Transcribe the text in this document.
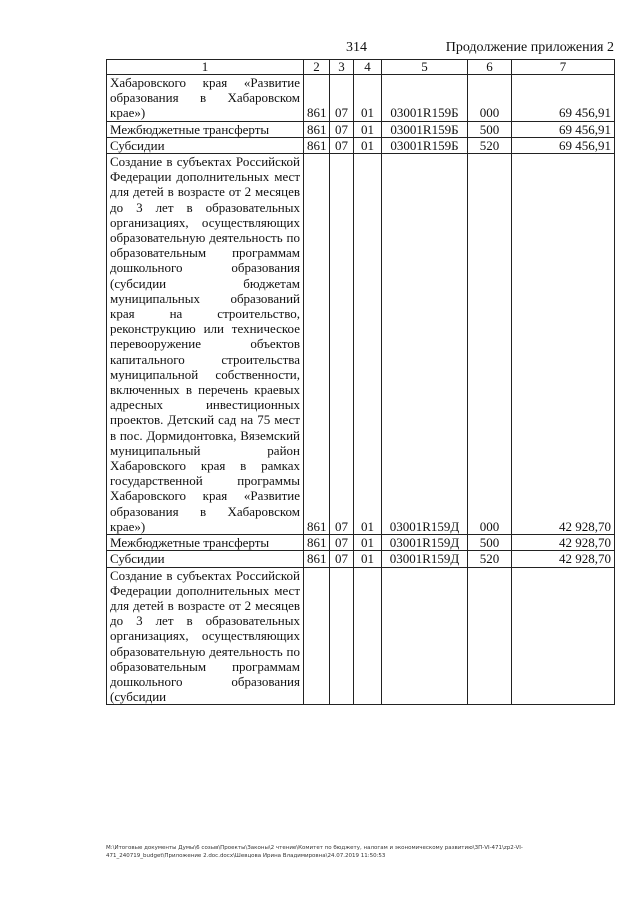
314	Продолжение приложения 2
1	2	3	4	5	6	7
Хабаровского края «Развитие образования в Хабаровском крае»)	861	07	01	03001R159Б	000	69 456,91
Межбюджетные трансферты	861	07	01	03001R159Б	500	69 456,91
Субсидии	861	07	01	03001R159Б	520	69 456,91
Создание в субъектах Российской Федерации дополнительных мест для детей в возрасте от 2 месяцев до 3 лет в образовательных организациях, осуществляющих образовательную деятельность по образовательным программам дошкольного образования (субсидии бюджетам муниципальных образований края на строительство, реконструкцию или техническое перевооружение объектов капитального строительства муниципальной собственности, включенных в перечень краевых адресных инвестиционных проектов. Детский сад на 75 мест в пос. Дормидонтовка, Вяземский муниципальный район Хабаровского края в рамках государственной программы Хабаровского края «Развитие образования в Хабаровском крае»)	861	07	01	03001R159Д	000	42 928,70
Межбюджетные трансферты	861	07	01	03001R159Д	500	42 928,70
Субсидии	861	07	01	03001R159Д	520	42 928,70
Создание в субъектах Российской Федерации дополнительных мест для детей в возрасте от 2 месяцев до 3 лет в образовательных организациях, осуществляющих образовательную деятельность по образовательным программам дошкольного образования (субсидии						
M:\Итоговые документы Думы\6 созыв\Проекты\Законы\2 чтение\Комитет по бюджету, налогам и экономическому развитию\3П-VI-471\zp2-VI-
471_240719_budget\Приложение 2.doc.docx\Шевцова Ирина Владимировна\24.07.2019 11:50:53
